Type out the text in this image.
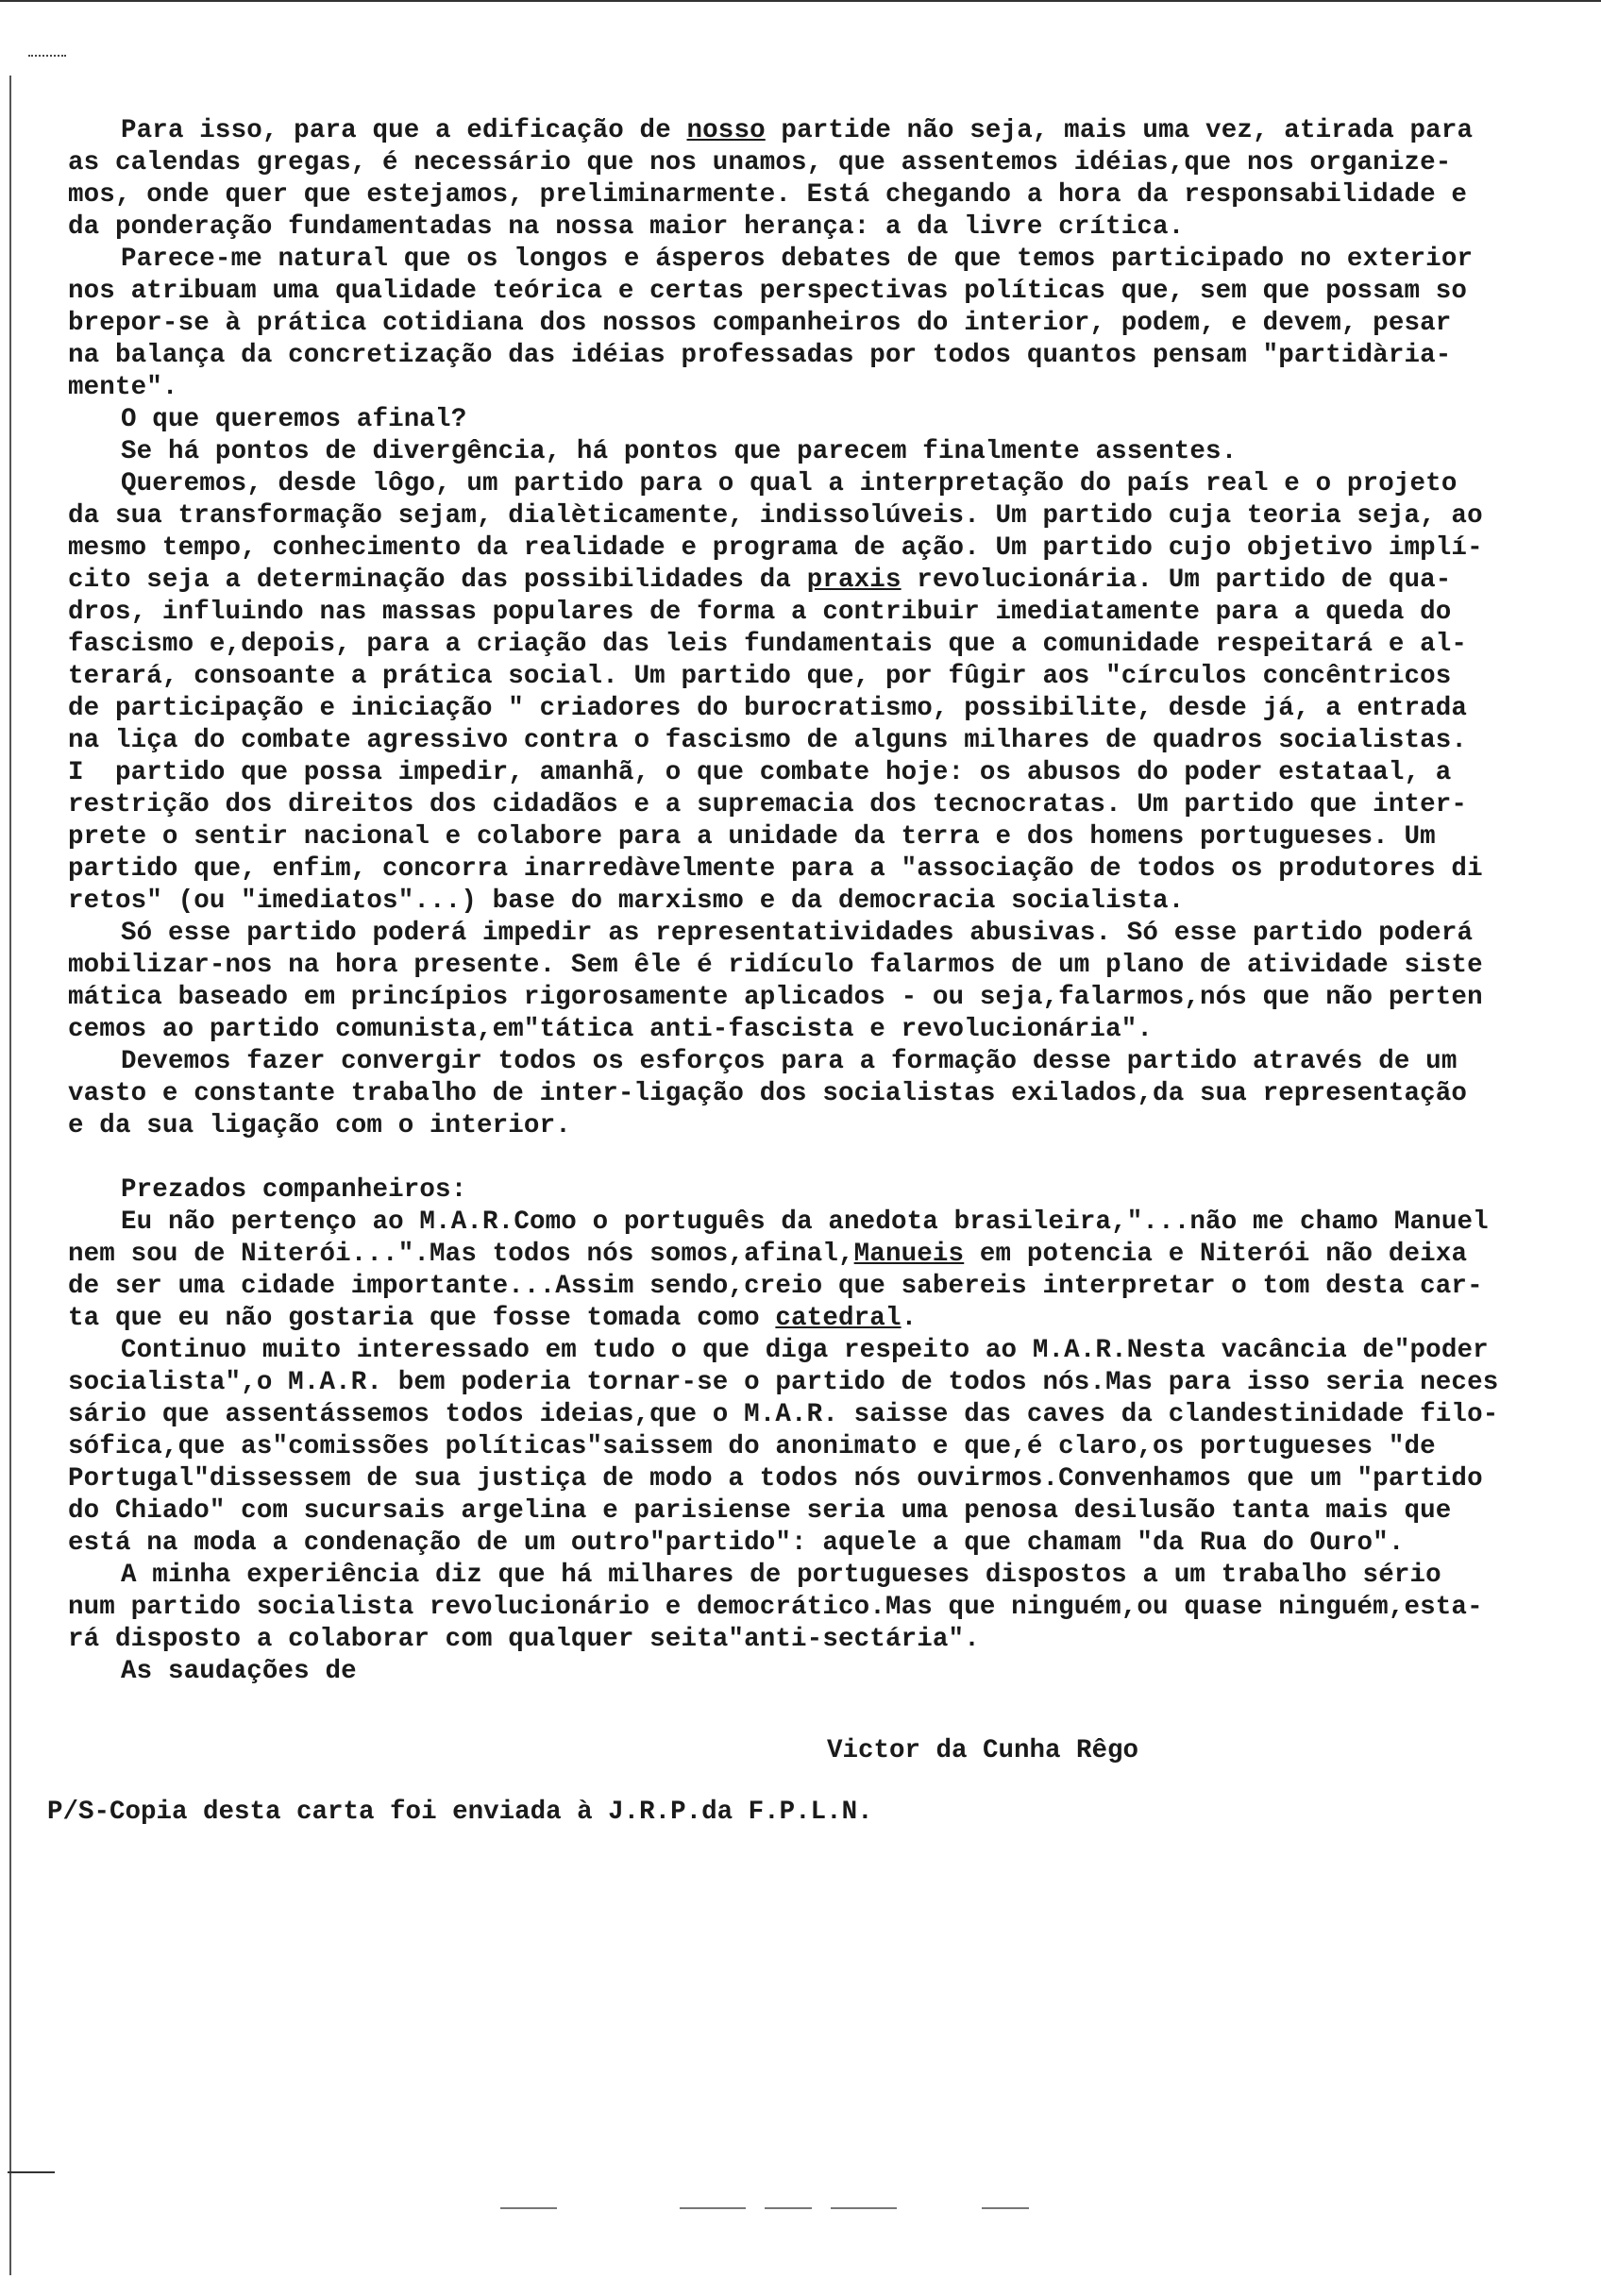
Para isso, para que a edificação de nosso partide não seja, mais uma vez, atirada para
as calendas gregas, é necessário que nos unamos, que assentemos idéias,que nos organize-
mos, onde quer que estejamos, preliminarmente. Está chegando a hora da responsabilidade e
da ponderação fundamentadas na nossa maior herança: a da livre crítica.
Parece-me natural que os longos e ásperos debates de que temos participado no exterior
nos atribuam uma qualidade teórica e certas perspectivas políticas que, sem que possam so
brepor-se à prática cotidiana dos nossos companheiros do interior, podem, e devem, pesar
na balança da concretização das idéias professadas por todos quantos pensam "partidària-
mente".
O que queremos afinal?
Se há pontos de divergência, há pontos que parecem finalmente assentes.
Queremos, desde lôgo, um partido para o qual a interpretação do país real e o projeto
da sua transformação sejam, dialèticamente, indissolúveis. Um partido cuja teoria seja, ao
mesmo tempo, conhecimento da realidade e programa de ação. Um partido cujo objetivo implí-
cito seja a determinação das possibilidades da praxis revolucionária. Um partido de qua-
dros, influindo nas massas populares de forma a contribuir imediatamente para a queda do
fascismo e,depois, para a criação das leis fundamentais que a comunidade respeitará e al-
terará, consoante a prática social. Um partido que, por fûgir aos "círculos concêntricos
de participação e iniciação " criadores do burocratismo, possibilite, desde já, a entrada
na liça do combate agressivo contra o fascismo de alguns milhares de quadros socialistas.
I  partido que possa impedir, amanhã, o que combate hoje: os abusos do poder estataal, a
restrição dos direitos dos cidadãos e a supremacia dos tecnocratas. Um partido que inter-
prete o sentir nacional e colabore para a unidade da terra e dos homens portugueses. Um
partido que, enfim, concorra inarredàvelmente para a "associação de todos os produtores di
retos" (ou "imediatos"...) base do marxismo e da democracia socialista.
Só esse partido poderá impedir as representatividades abusivas. Só esse partido poderá
mobilizar-nos na hora presente. Sem êle é ridículo falarmos de um plano de atividade siste
mática baseado em princípios rigorosamente aplicados - ou seja,falarmos,nós que não perten
cemos ao partido comunista,em"tática anti-fascista e revolucionária".
Devemos fazer convergir todos os esforços para a formação desse partido através de um
vasto e constante trabalho de inter-ligação dos socialistas exilados,da sua representação
e da sua ligação com o interior.
Prezados companheiros:
Eu não pertenço ao M.A.R.Como o português da anedota brasileira,"...não me chamo Manuel
nem sou de Niterói...".Mas todos nós somos,afinal,Manueis em potencia e Niterói não deixa
de ser uma cidade importante...Assim sendo,creio que sabereis interpretar o tom desta car-
ta que eu não gostaria que fosse tomada como catedral.
Continuo muito interessado em tudo o que diga respeito ao M.A.R.Nesta vacância de"poder
socialista",o M.A.R. bem poderia tornar-se o partido de todos nós.Mas para isso seria neces
sário que assentássemos todos ideias,que o M.A.R. saisse das caves da clandestinidade filo-
sófica,que as"comissões políticas"saissem do anonimato e que,é claro,os portugueses "de
Portugal"dissessem de sua justiça de modo a todos nós ouvirmos.Convenhamos que um "partido
do Chiado" com sucursais argelina e parisiense seria uma penosa desilusão tanta mais que
está na moda a condenação de um outro"partido": aquele a que chamam "da Rua do Ouro".
A minha experiência diz que há milhares de portugueses dispostos a um trabalho sério
num partido socialista revolucionário e democrático.Mas que ninguém,ou quase ninguém,esta-
rá disposto a colaborar com qualquer seita"anti-sectária".
As saudações de
Victor da Cunha Rêgo
P/S-Copia desta carta foi enviada à J.R.P.da F.P.L.N.
